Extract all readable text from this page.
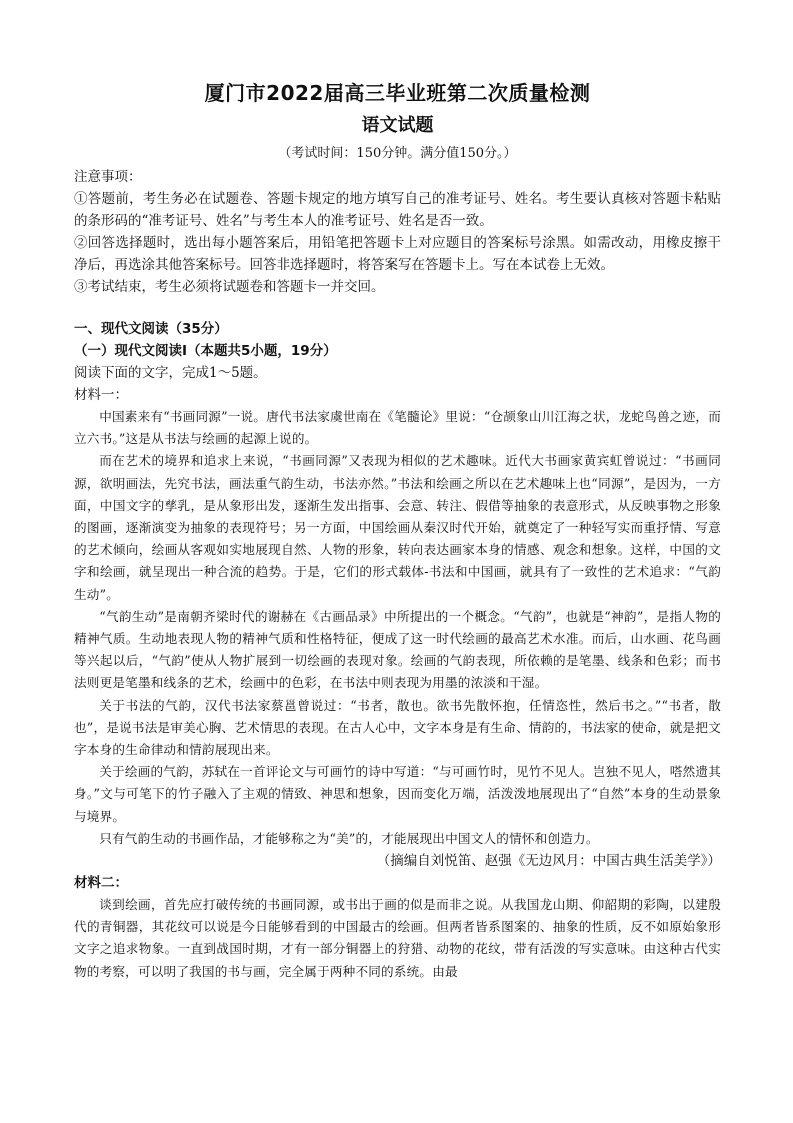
厦门市2022届高三毕业班第二次质量检测
语文试题

（考试时间：150分钟。满分值150分。）

注意事项：

①答题前，考生务必在试题卷、答题卡规定的地方填写自己的准考证号、姓名。考生要认真核对答题卡粘贴的条形码的“准考证号、姓名”与考生本人的准考证号、姓名是否一致。

②回答选择题时，选出每小题答案后，用铅笔把答题卡上对应题目的答案标号涂黑。如需改动，用橡皮擦干净后，再选涂其他答案标号。回答非选择题时，将答案写在答题卡上。写在本试卷上无效。

③考试结束，考生必须将试题卷和答题卡一并交回。

一、现代文阅读（35分）

（一）现代文阅读Ⅰ（本题共5小题，19分）

阅读下面的文字，完成1～5题。

材料一：

中国素来有“书画同源”一说。唐代书法家虞世南在《笔髓论》里说：“仓颉象山川江海之状，龙蛇鸟兽之迹，而立六书。”这是从书法与绘画的起源上说的。

而在艺术的境界和追求上来说，“书画同源”又表现为相似的艺术趣味。近代大书画家黄宾虹曾说过：“书画同源，欲明画法，先究书法，画法重气韵生动，书法亦然。”书法和绘画之所以在艺术趣味上也“同源”，是因为，一方面，中国文字的孳乳，是从象形出发，逐渐生发出指事、会意、转注、假借等抽象的表意形式，从反映事物之形象的图画，逐渐演变为抽象的表现符号；另一方面，中国绘画从秦汉时代开始，就奠定了一种轻写实而重抒情、写意的艺术倾向，绘画从客观如实地展现自然、人物的形象，转向表达画家本身的情感、观念和想象。这样，中国的文字和绘画，就呈现出一种合流的趋势。于是，它们的形式载体-书法和中国画，就具有了一致性的艺术追求：“气韵生动”。

“气韵生动”是南朝齐梁时代的谢赫在《古画品录》中所提出的一个概念。“气韵”，也就是“神韵”，是指人物的精神气质。生动地表现人物的精神气质和性格特征，便成了这一时代绘画的最高艺术水准。而后，山水画、花鸟画等兴起以后，“气韵”使从人物扩展到一切绘画的表现对象。绘画的气韵表现，所依赖的是笔墨、线条和色彩；而书法则更是笔墨和线条的艺术，绘画中的色彩，在书法中则表现为用墨的浓淡和干湿。

关于书法的气韵，汉代书法家蔡邕曾说过：“书者，散也。欲书先散怀抱，任情恣性，然后书之。”“书者，散也”，是说书法是审美心胸、艺术情思的表现。在古人心中，文字本身是有生命、情韵的，书法家的使命，就是把文字本身的生命律动和情韵展现出来。

关于绘画的气韵，苏轼在一首评论文与可画竹的诗中写道：“与可画竹时，见竹不见人。岂独不见人，嗒然遗其身。”文与可笔下的竹子融入了主观的情致、神思和想象，因而变化万端，活泼泼地展现出了“自然”本身的生动景象与境界。

只有气韵生动的书画作品，才能够称之为“美”的，才能展现出中国文人的情怀和创造力。

（摘编自刘悦笛、赵强《无边风月：中国古典生活美学》）

材料二：

谈到绘画，首先应打破传统的书画同源，或书出于画的似是而非之说。从我国龙山期、仰韶期的彩陶，以建殷代的青铜器，其花纹可以说是今日能够看到的中国最古的绘画。但两者皆系图案的、抽象的性质，反不如原始象形文字之追求物象。一直到战国时期，才有一部分铜器上的狩猎、动物的花纹，带有活泼的写实意味。由这种古代实物的考察，可以明了我国的书与画，完全属于两种不同的系统。由最
